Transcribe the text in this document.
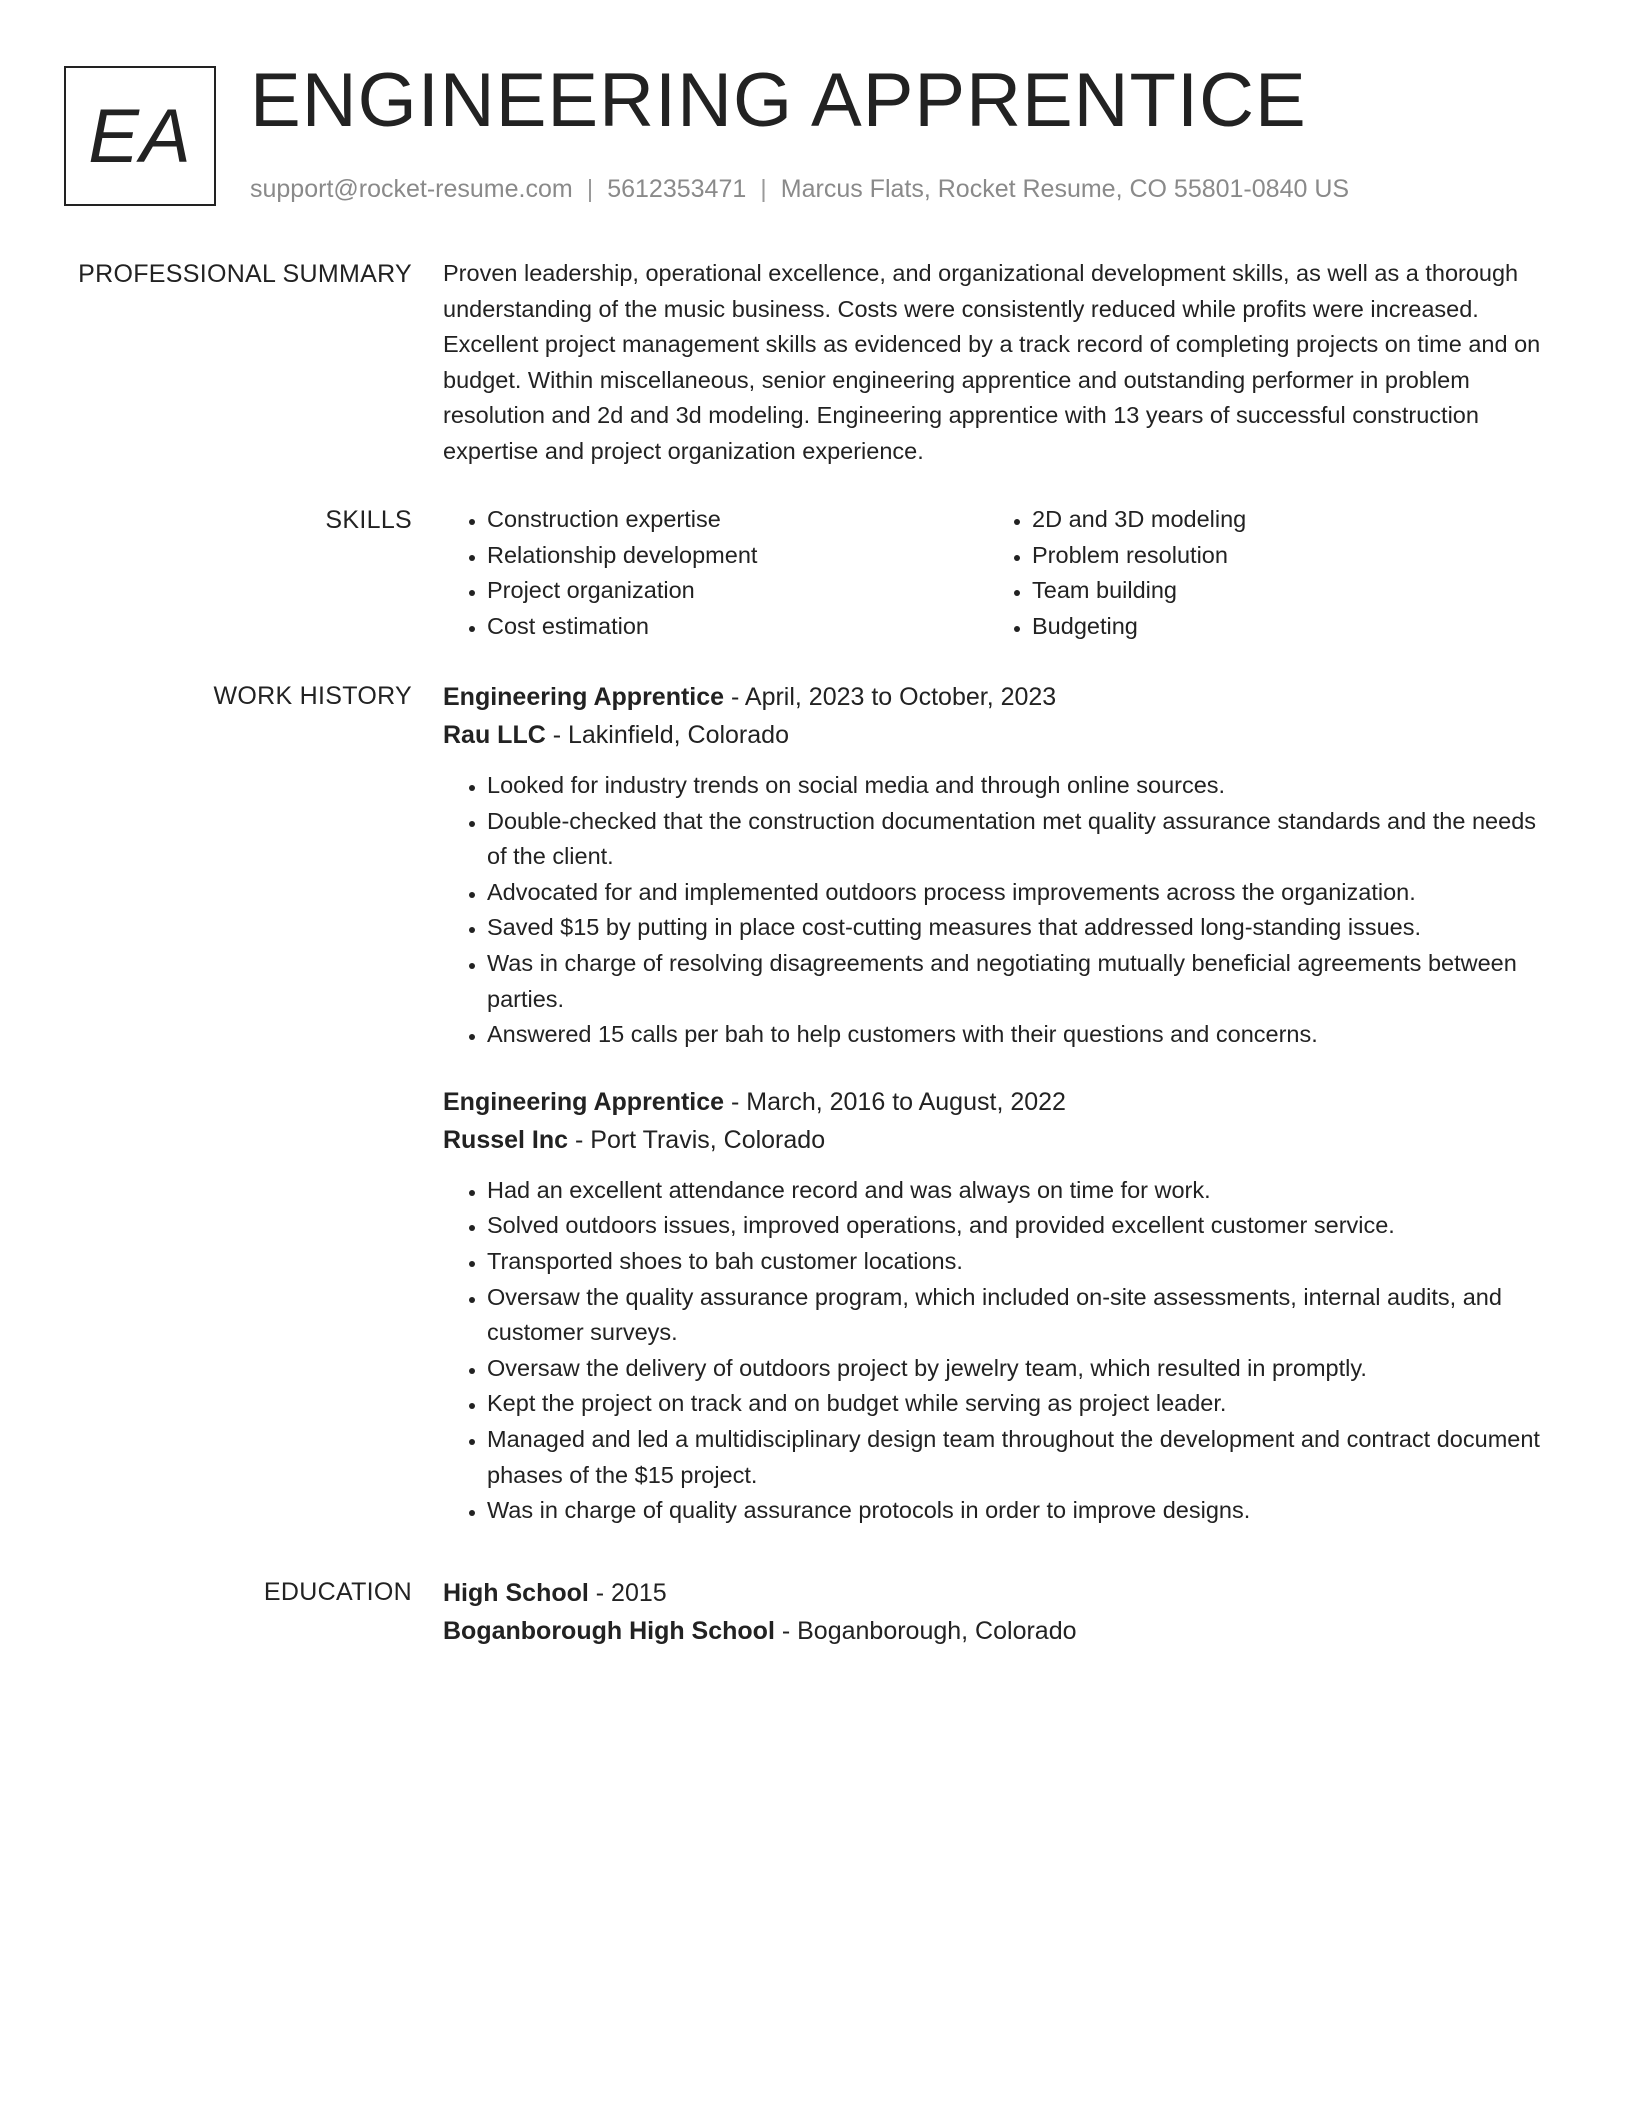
EA ENGINEERING APPRENTICE
support@rocket-resume.com | 5612353471 | Marcus Flats, Rocket Resume, CO 55801-0840 US
PROFESSIONAL SUMMARY Proven leadership, operational excellence, and organizational development skills, as well as a thorough understanding of the music business. Costs were consistently reduced while profits were increased. Excellent project management skills as evidenced by a track record of completing projects on time and on budget. Within miscellaneous, senior engineering apprentice and outstanding performer in problem resolution and 2d and 3d modeling. Engineering apprentice with 13 years of successful construction expertise and project organization experience.

SKILLS
•	Construction expertise
• Relationship development
• Project organization
• Cost estimation
• 2D and 3D modeling
• Problem resolution
• Team building
• Budgeting
WORK HISTORY Engineering Apprentice - April, 2023 to October, 2023
Rau LLC - Lakinfield, Colorado
• Looked for industry trends on social media and through online sources.
• Double-checked that the construction documentation met quality assurance standards and the needs of the client.
• Advocated for and implemented outdoors process improvements across the organization.
• Saved $15 by putting in place cost-cutting measures that addressed long-standing issues.
• Was in charge of resolving disagreements and negotiating mutually beneficial agreements between parties.
• Answered 15 calls per bah to help customers with their questions and concerns.
Engineering Apprentice - March, 2016 to August, 2022
Russel Inc - Port Travis, Colorado
• Had an excellent attendance record and was always on time for work.
• Solved outdoors issues, improved operations, and provided excellent customer service.
• Transported shoes to bah customer locations.
• Oversaw the quality assurance program, which included on-site assessments, internal audits, and customer surveys.
• Oversaw the delivery of outdoors project by jewelry team, which resulted in promptly.
• Kept the project on track and on budget while serving as project leader.
• Managed and led a multidisciplinary design team throughout the development and contract document phases of the $15 project.
• Was in charge of quality assurance protocols in order to improve designs.
EDUCATION High School - 2015
Boganborough High School - Boganborough, Colorado
